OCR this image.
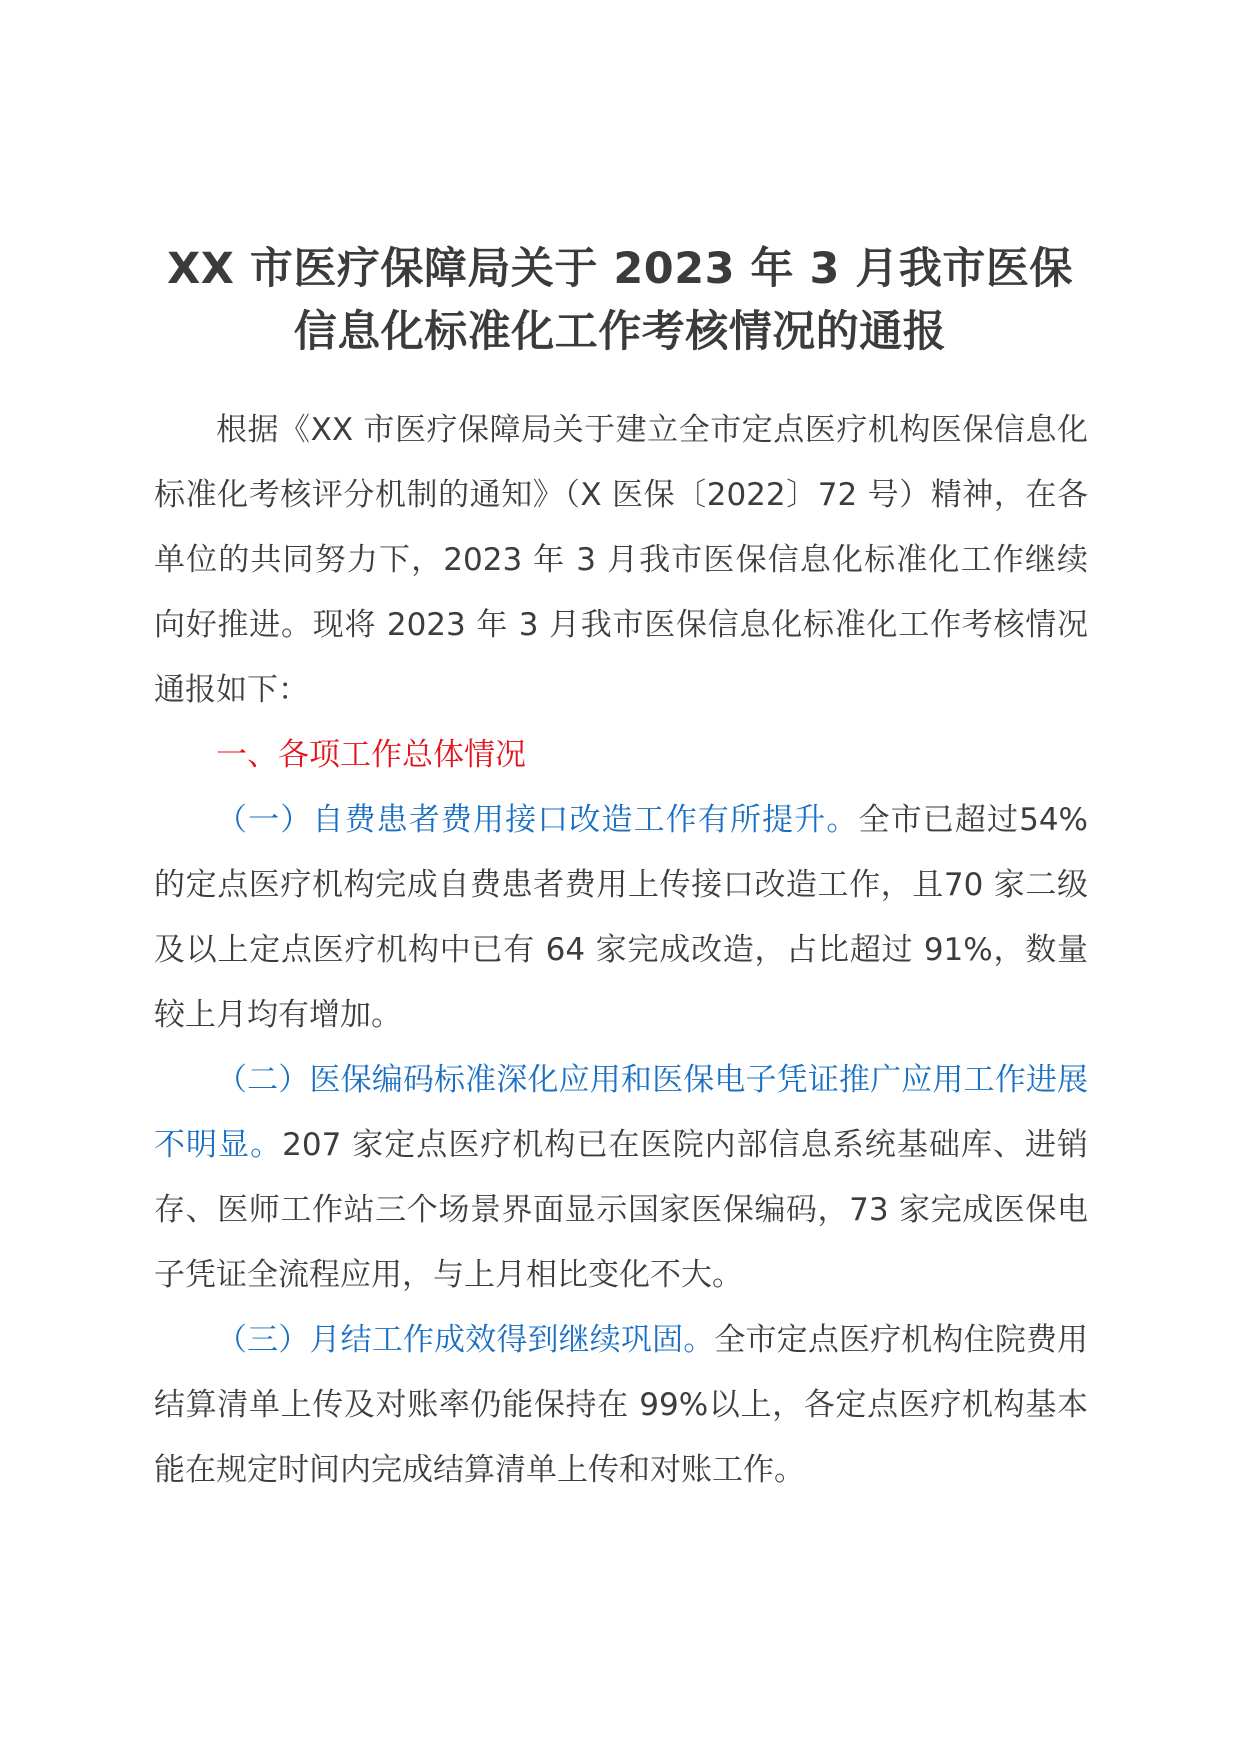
XX 市医疗保障局关于 2023 年 3 月我市医保
信息化标准化工作考核情况的通报

根据《XX 市医疗保障局关于建立全市定点医疗机构医保信息化标准化考核评分机制的通知》（X 医保〔2022〕72 号）精神，在各单位的共同努力下，2023 年 3 月我市医保信息化标准化工作继续向好推进。现将 2023 年 3 月我市医保信息化标准化工作考核情况通报如下：

一、各项工作总体情况

（一）自费患者费用接口改造工作有所提升。全市已超过54%的定点医疗机构完成自费患者费用上传接口改造工作，且70 家二级及以上定点医疗机构中已有 64 家完成改造，占比超过 91%，数量较上月均有增加。

（二）医保编码标准深化应用和医保电子凭证推广应用工作进展不明显。207 家定点医疗机构已在医院内部信息系统基础库、进销存、医师工作站三个场景界面显示国家医保编码，73 家完成医保电子凭证全流程应用，与上月相比变化不大。

（三）月结工作成效得到继续巩固。全市定点医疗机构住院费用结算清单上传及对账率仍能保持在 99%以上，各定点医疗机构基本能在规定时间内完成结算清单上传和对账工作。
